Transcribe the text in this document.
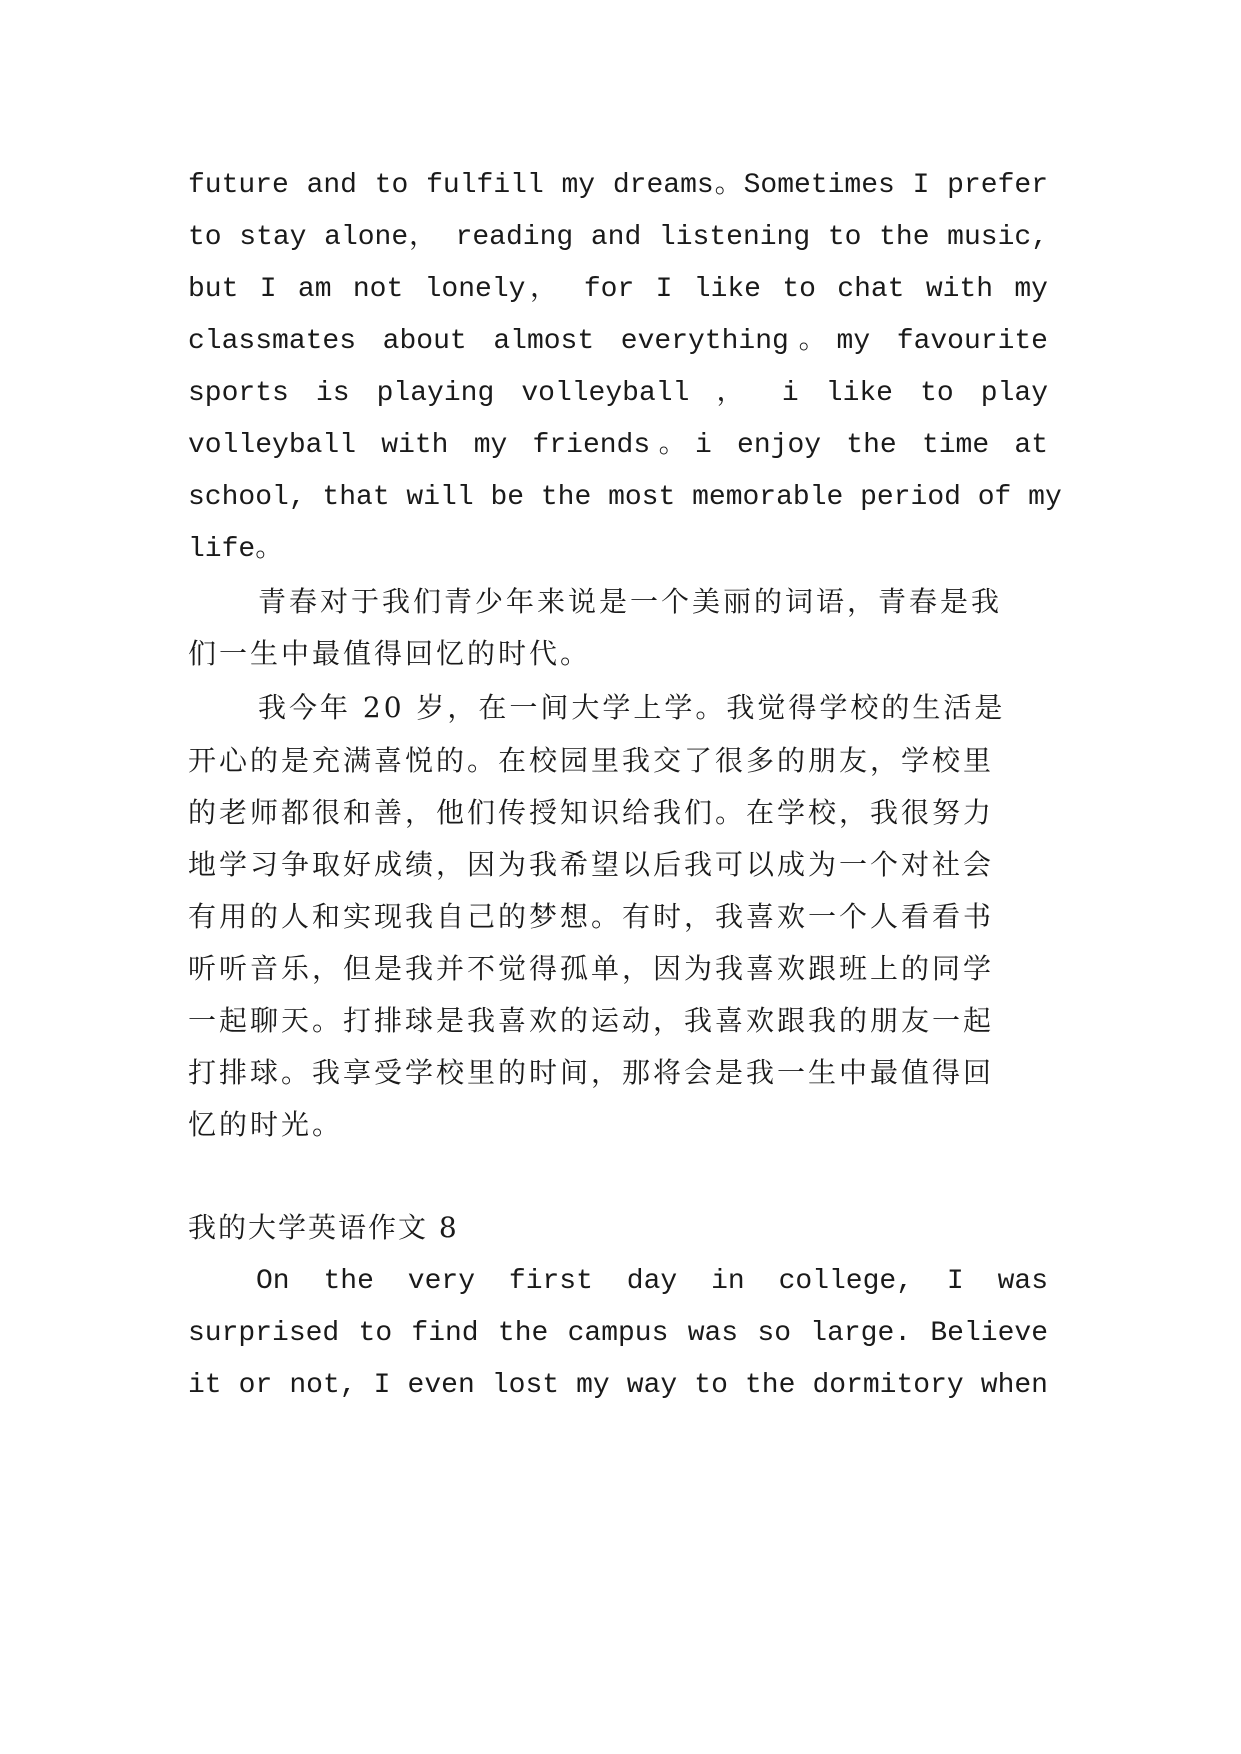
future and to fulfill my dreams。Sometimes I prefer
to stay alone， reading and listening to the music,
but I am not lonely， for I like to chat with my
classmates about almost everything。my favourite
sports is playing volleyball ， i like to play
volleyball with my friends。i enjoy the time at
school, that will be the most memorable period of my
life。
青春对于我们青少年来说是一个美丽的词语，青春是我
们一生中最值得回忆的时代。
我今年 20 岁，在一间大学上学。我觉得学校的生活是
开心的是充满喜悦的。在校园里我交了很多的朋友，学校里
的老师都很和善，他们传授知识给我们。在学校，我很努力
地学习争取好成绩，因为我希望以后我可以成为一个对社会
有用的人和实现我自己的梦想。有时，我喜欢一个人看看书
听听音乐，但是我并不觉得孤单，因为我喜欢跟班上的同学
一起聊天。打排球是我喜欢的运动，我喜欢跟我的朋友一起
打排球。我享受学校里的时间，那将会是我一生中最值得回
忆的时光。
我的大学英语作文 8
On the very first day in college, I was
surprised to find the campus was so large. Believe
it or not, I even lost my way to the dormitory when
